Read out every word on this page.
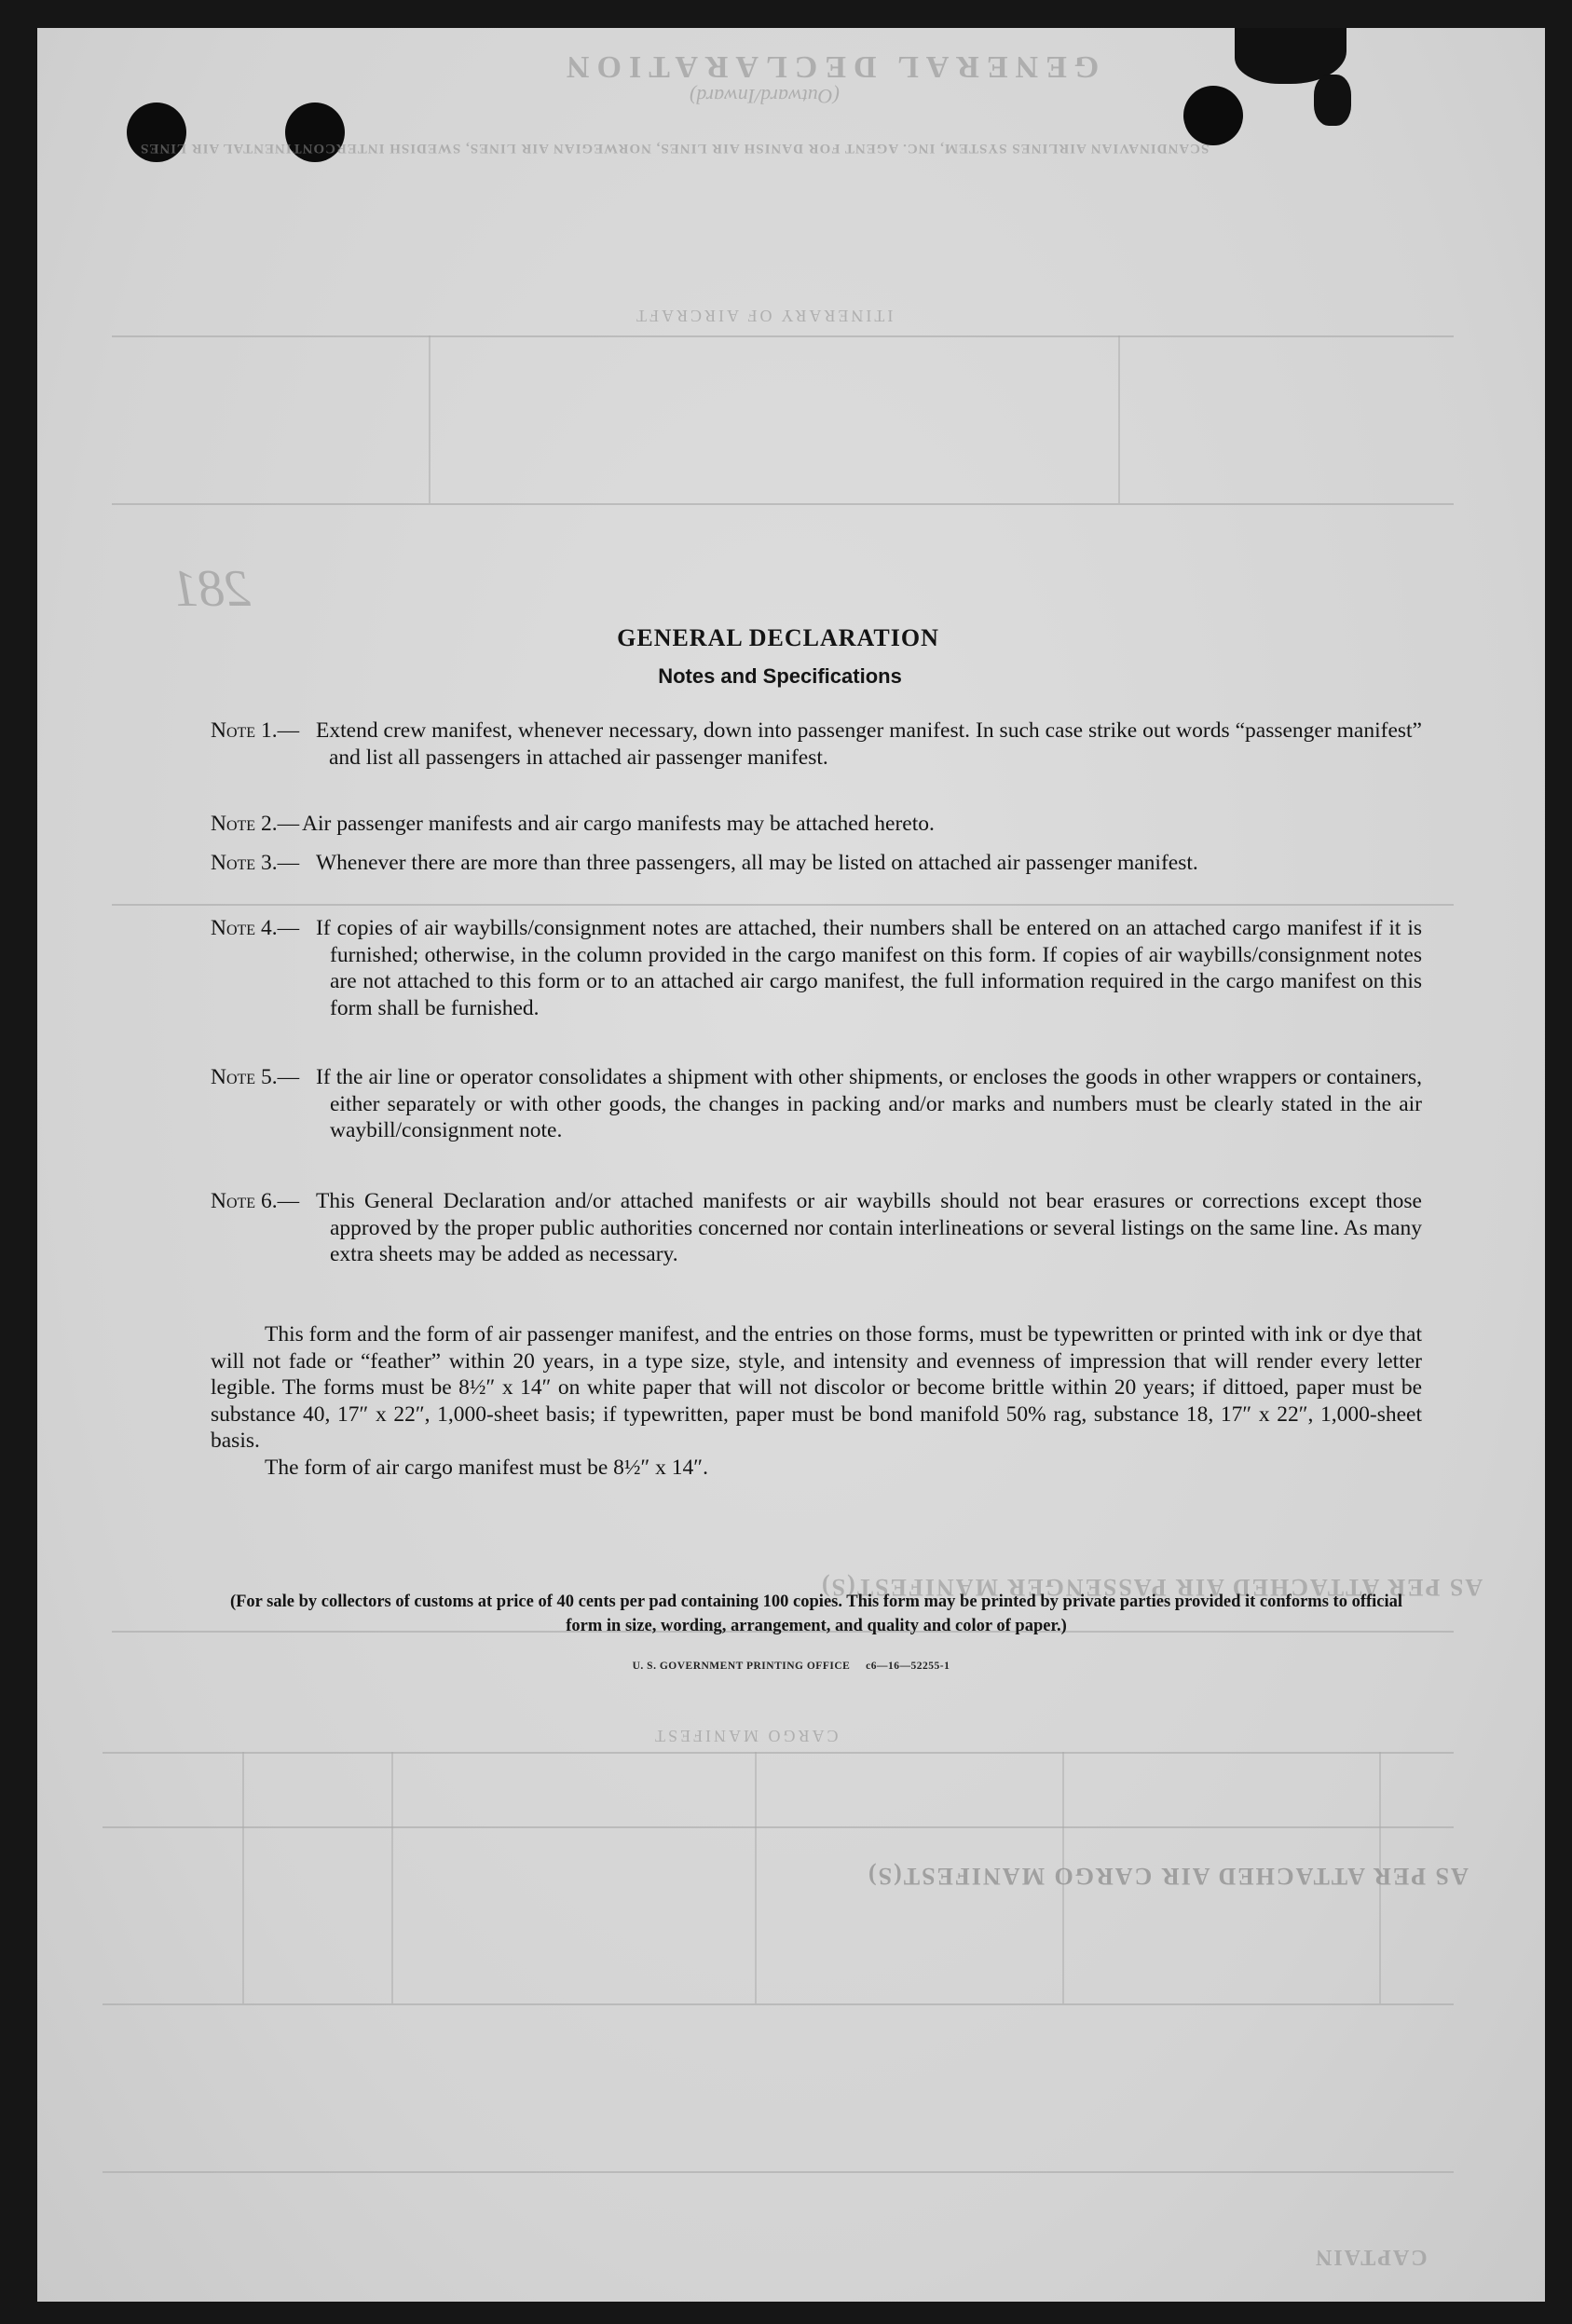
GENERAL DECLARATION
(Outward/Inward)
SCANDINAVIAN AIRLINES SYSTEM, INC. AGENT FOR DANISH AIR LINES, NORWEGIAN AIR LINES, SWEDISH INTERCONTINENTAL AIR LINES
ITINERARY OF AIRCRAFT
281
AS PER ATTACHED AIR PASSENGER MANIFEST(S)
CARGO MANIFEST
AS PER ATTACHED AIR CARGO MANIFEST(S)
CAPTAIN
GENERAL DECLARATION
Notes and Specifications
Note 1.— Extend crew manifest, whenever necessary, down into passenger manifest. In such case strike out words “passenger manifest” and list all passengers in attached air passenger manifest.
Note 2.— Air passenger manifests and air cargo manifests may be attached hereto.
Note 3.— Whenever there are more than three passengers, all may be listed on attached air passenger manifest.
Note 4.— If copies of air waybills/consignment notes are attached, their numbers shall be entered on an attached cargo manifest if it is furnished; otherwise, in the column provided in the cargo manifest on this form. If copies of air waybills/consignment notes are not attached to this form or to an attached air cargo manifest, the full information required in the cargo manifest on this form shall be furnished.
Note 5.— If the air line or operator consolidates a shipment with other shipments, or encloses the goods in other wrappers or containers, either separately or with other goods, the changes in packing and/or marks and numbers must be clearly stated in the air waybill/consignment note.
Note 6.— This General Declaration and/or attached manifests or air waybills should not bear erasures or corrections except those approved by the proper public authorities concerned nor contain interlineations or several listings on the same line. As many extra sheets may be added as necessary.

This form and the form of air passenger manifest, and the entries on those forms, must be typewritten or printed with ink or dye that will not fade or “feather” within 20 years, in a type size, style, and intensity and evenness of impression that will render every letter legible. The forms must be 8½″ x 14″ on white paper that will not discolor or become brittle within 20 years; if dittoed, paper must be substance 40, 17″ x 22″, 1,000-sheet basis; if typewritten, paper must be bond manifold 50% rag, substance 18, 17″ x 22″, 1,000-sheet basis.

The form of air cargo manifest must be 8½″ x 14″.

(For sale by collectors of customs at price of 40 cents per pad containing 100 copies. This form may be printed by private parties provided it conforms to official form in size, wording, arrangement, and quality and color of paper.)
U. S. GOVERNMENT PRINTING OFFICE     c6—16—52255-1
